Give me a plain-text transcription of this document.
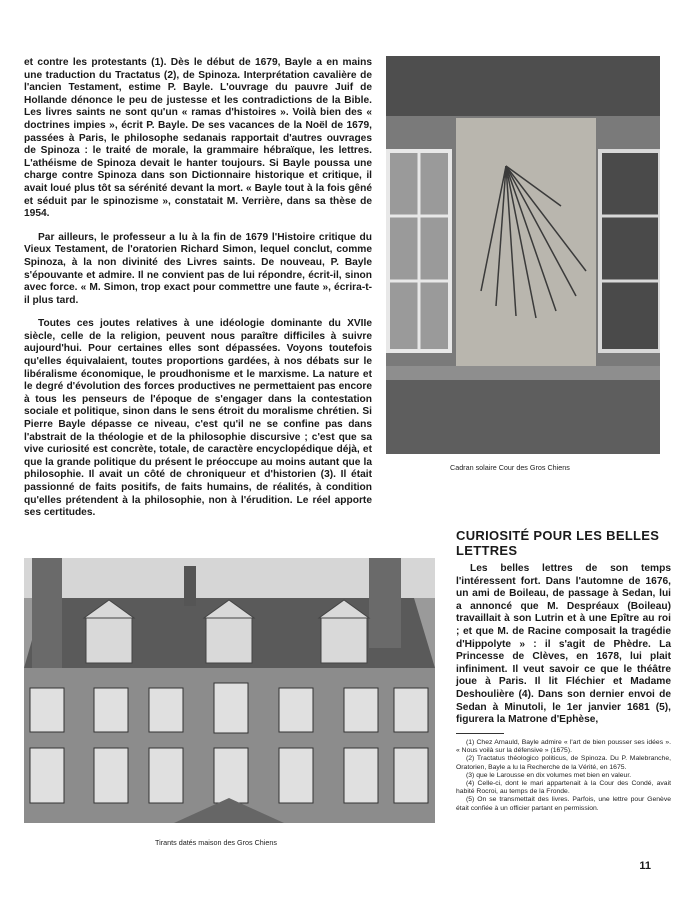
et contre les protestants (1). Dès le début de 1679, Bayle a en mains une traduction du Tractatus (2), de Spinoza. Interprétation cavalière de l'ancien Testament, estime P. Bayle. L'ouvrage du pauvre Juif de Hollande dénonce le peu de justesse et les contradictions de la Bible. Les livres saints ne sont qu'un « ramas d'histoires ». Voilà bien des « doctrines impies », écrit P. Bayle. De ses vacances de la Noël de 1679, passées à Paris, le philosophe sedanais rapportait d'autres ouvrages de Spinoza : le traité de morale, la grammaire hébraïque, les lettres. L'athéisme de Spinoza devait le hanter toujours. Si Bayle poussa une charge contre Spinoza dans son Dictionnaire historique et critique, il avait loué plus tôt sa sérénité devant la mort. « Bayle tout à la fois gêné et séduit par le spinozisme », constatait M. Verrière, dans sa thèse de 1954.

Par ailleurs, le professeur a lu à la fin de 1679 l'Histoire critique du Vieux Testament, de l'oratorien Richard Simon, lequel conclut, comme Spinoza, à la non divinité des Livres saints. De nouveau, P. Bayle s'épouvante et admire. Il ne convient pas de lui répondre, écrit-il, sinon avec force. « M. Simon, trop exact pour commettre une faute », écrira-t-il plus tard.

Toutes ces joutes relatives à une idéologie dominante du XVIIe siècle, celle de la religion, peuvent nous paraître difficiles à suivre aujourd'hui. Pour certaines elles sont dépassées. Voyons toutefois qu'elles équivalaient, toutes proportions gardées, à nos débats sur le libéralisme économique, le proudhonisme et le marxisme. La nature et le degré d'évolution des forces productives ne permettaient pas encore à tous les penseurs de l'époque de s'engager dans la contestation sociale et politique, sinon dans le sens étroit du moralisme chrétien. Si Pierre Bayle dépasse ce niveau, c'est qu'il ne se confine pas dans l'abstrait de la théologie et de la philosophie discursive ; c'est que sa vive curiosité est concrète, totale, de caractère encyclopédique déjà, et que la grande politique du présent le préoccupe au moins autant que la philosophie. Il avait un côté de chroniqueur et d'historien (3). Il était passionné de faits positifs, de faits humains, de réalités, à condition qu'elles prétendent à la philosophie, non à l'érudition. Le réel apporte ses certitudes.

Cadran solaire Cour des Gros Chiens
Tirants datés maison des Gros Chiens
CURIOSITÉ POUR LES BELLES LETTRES

Les belles lettres de son temps l'intéressent fort. Dans l'automne de 1676, un ami de Boileau, de passage à Sedan, lui a annoncé que M. Despréaux (Boileau) travaillait à son Lutrin et à une Epître au roi ; et que M. de Racine composait la tragédie d'Hippolyte » : il s'agit de Phèdre. La Princesse de Clèves, en 1678, lui plait infiniment. Il veut savoir ce que le théâtre joue à Paris. Il lit Fléchier et Madame Deshoulière (4). Dans son dernier envoi de Sedan à Minutoli, le 1er janvier 1681 (5), figurera la Matrone d'Ephèse,

(1) Chez Arnauld, Bayle admire « l'art de bien pousser ses idées ». « Nous voilà sur la défensive » (1675).

(2) Tractatus théologico politicus, de Spinoza. Du P. Malebranche, Oratorien, Bayle a lu la Recherche de la Vérité, en 1675.

(3) que le Larousse en dix volumes met bien en valeur.

(4) Celle-ci, dont le mari appartenait à la Cour des Condé, avait habité Rocroi, au temps de la Fronde.

(5) On se transmettait des livres. Parfois, une lettre pour Genève était confiée à un officier partant en permission.

11
